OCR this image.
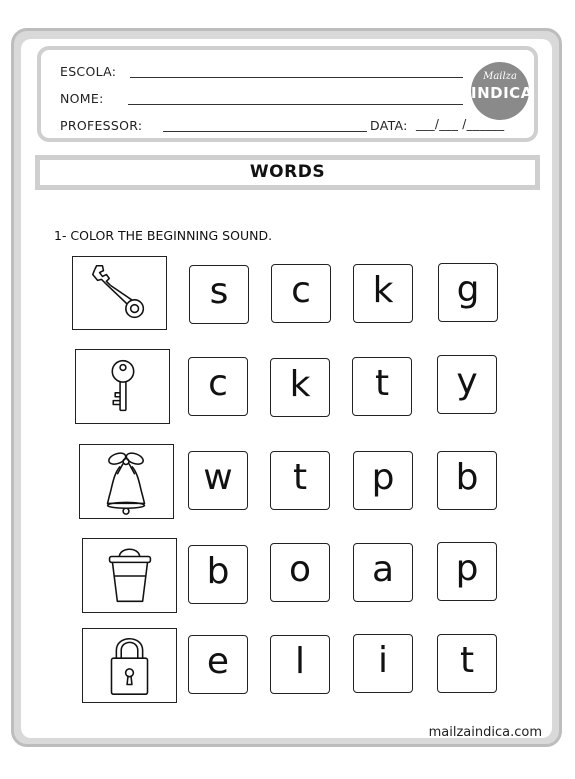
ESCOLA:
NOME:
PROFESSOR:	DATA: ___/___ /______
Mailza
INDICA
WORDS
1- COLOR THE BEGINNING SOUND.
s	c	k	g
c	k	t	y
w	t	p	b
b	o	a	p
e	l	i	t
mailzaindica.com
